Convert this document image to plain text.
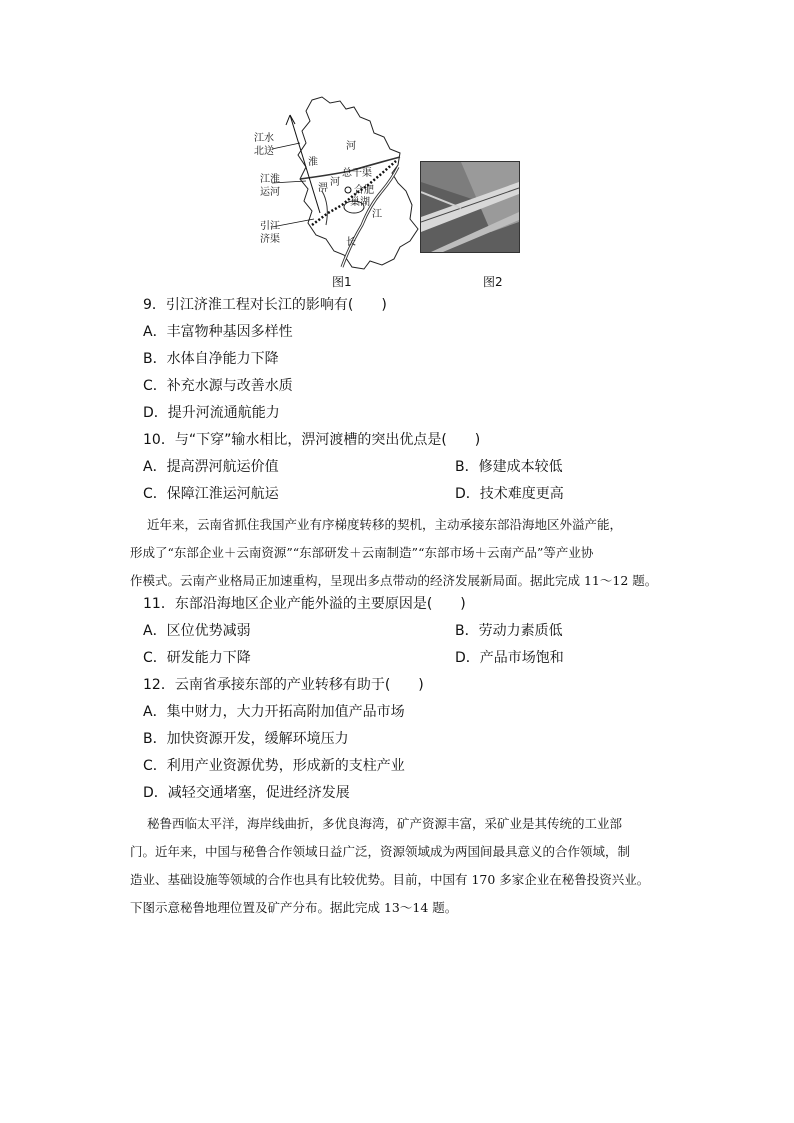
江水
北送
江淮
运河
引江
济渠
淮
河
淠
河
总干渠
合肥
巢湖
江
长
图1	图2
9．引江济淮工程对长江的影响有(　　)
A．丰富物种基因多样性
B．水体自净能力下降
C．补充水源与改善水质
D．提升河流通航能力
10．与“下穿”输水相比，淠河渡槽的突出优点是(　　)
A．提高淠河航运价值	B．修建成本较低
C．保障江淮运河航运	D．技术难度更高
近年来，云南省抓住我国产业有序梯度转移的契机，主动承接东部沿海地区外溢产能，
形成了“东部企业＋云南资源”“东部研发＋云南制造”“东部市场＋云南产品”等产业协
作模式。云南产业格局正加速重构，呈现出多点带动的经济发展新局面。据此完成 11～12 题。
11．东部沿海地区企业产能外溢的主要原因是(　　)
A．区位优势减弱	B．劳动力素质低
C．研发能力下降	D．产品市场饱和
12．云南省承接东部的产业转移有助于(　　)
A．集中财力，大力开拓高附加值产品市场
B．加快资源开发，缓解环境压力
C．利用产业资源优势，形成新的支柱产业
D．减轻交通堵塞，促进经济发展
秘鲁西临太平洋，海岸线曲折，多优良海湾，矿产资源丰富，采矿业是其传统的工业部
门。近年来，中国与秘鲁合作领域日益广泛，资源领域成为两国间最具意义的合作领域，制
造业、基础设施等领域的合作也具有比较优势。目前，中国有 170 多家企业在秘鲁投资兴业。
下图示意秘鲁地理位置及矿产分布。据此完成 13～14 题。
